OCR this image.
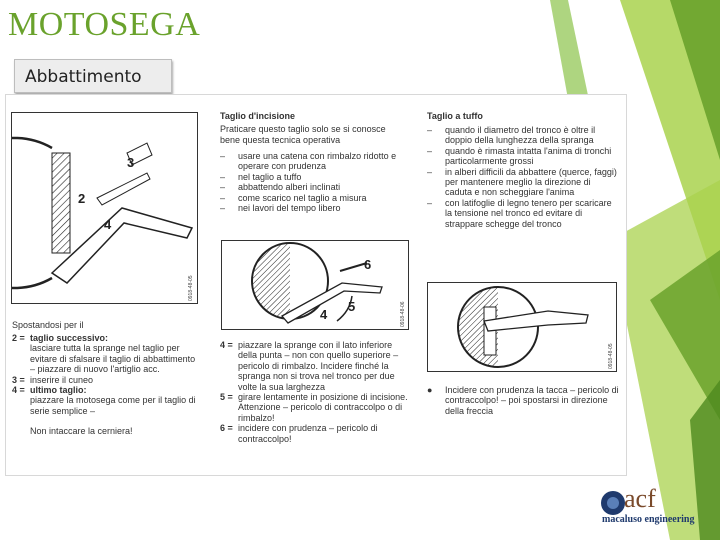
MOTOSEGA
Abbattimento
3
2
4
0918-48-05
Spostandosi per il
2 = taglio successivo:
lasciare tutta la sprange nel taglio per evitare di sfalsare il taglio di abbattimento – piazzare di nuovo l'artiglio acc.
3 = inserire il cuneo
4 = ultimo taglio:
piazzare la motosega come per il taglio di serie semplice –
Non intaccare la cerniera!
Taglio d'incisione
Praticare questo taglio solo se si conosce bene questa tecnica operativa
–	usare una catena con rimbalzo ridotto e operare con prudenza
–	nel taglio a tuffo
–	abbattendo alberi inclinati
–	come scarico nel taglio a misura
–	nei lavori del tempo libero
6
5
4	0918-48-06
4 = piazzare la sprange con il lato inferiore della punta – non con quello superiore – pericolo di rimbalzo. Incidere finché la spranga non si trova nel tronco per due volte la sua larghezza
5 = girare lentamente in posizione di incisione. Attenzione – pericolo di contraccolpo o di rimbalzo!
6 = incidere con prudenza – pericolo di contraccolpo!
Taglio a tuffo
–	quando il diametro del tronco è oltre il doppio della lunghezza della spranga
–	quando è rimasta intatta l'anima di tronchi particolarmente grossi
–	in alberi difficili da abbattere (querce, faggi) per mantenere meglio la direzione di caduta e non scheggiare l'anima
–	con latifoglie di legno tenero per scaricare la tensione nel tronco ed evitare di strappare schegge del tronco
0918-48-05
●	Incidere con prudenza la tacca – pericolo di contraccolpo! – poi spostarsi in direzione della freccia
acf
macaluso engineering
